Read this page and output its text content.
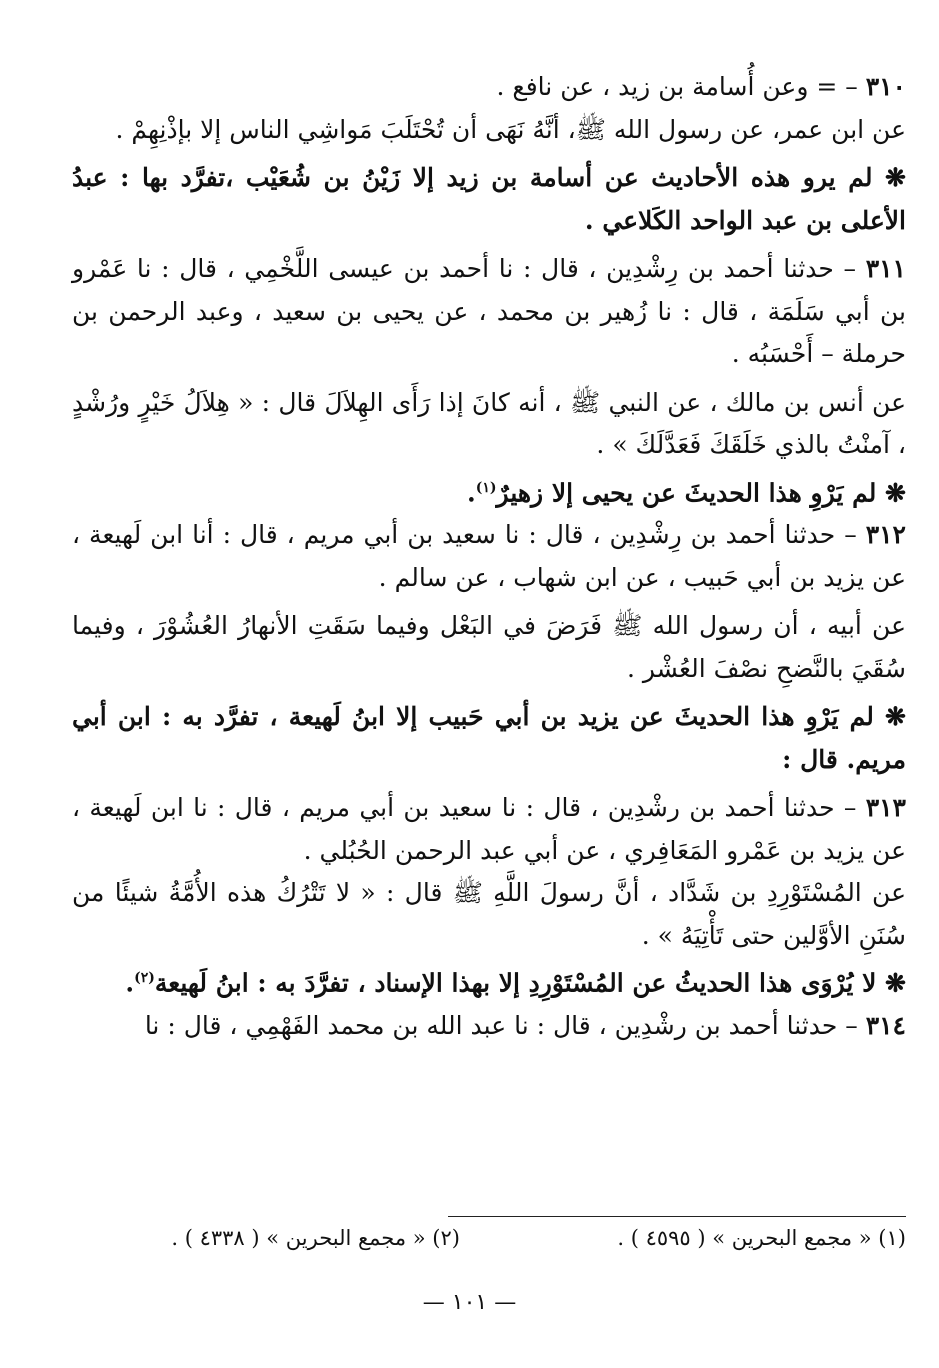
٣١٠ – = وعن أُسامة بن زيد ، عن نافع .

عن ابن عمر، عن رسول الله ﷺ، أنَّهُ نَهَى أن تُحْتَلَبَ مَواشِي الناس إلا بإذْنِهِمْ .

❋ لم يرو هذه الأحاديث عن أسامة بن زيد إلا زَيْنُ بن شُعَيْب ،تفرَّد بها : عبدُ الأعلى بن عبد الواحد الكَلاعي .

٣١١ – حدثنا أحمد بن رِشْدِين ، قال : نا أحمد بن عيسى اللَّخْمِي ، قال : نا عَمْرو بن أبي سَلَمَة ، قال : نا زُهير بن محمد ، عن يحيى بن سعيد ، وعبد الرحمن بن حرملة – أَحْسَبُه .

عن أنس بن مالك ، عن النبي ﷺ ، أنه كانَ إذا رَأَى الهِلاَلَ قال : « هِلاَلُ خَيْرٍ ورُشْدٍ ، آمنْتُ بالذي خَلَقَكَ فَعَدَّلَكَ » .

❋ لم يَرْوِ هذا الحديثَ عن يحيى إلا زهيرٌ$^{(١)}$.

٣١٢ – حدثنا أحمد بن رِشْدِين ، قال : نا سعيد بن أبي مريم ، قال : أنا ابن لَهيعة ، عن يزيد بن أبي حَبيب ، عن ابن شهاب ، عن سالم .

عن أبيه ، أن رسول الله ﷺ فَرَضَ في البَعْل وفيما سَقَتِ الأنهارُ العُشُوْرَ ، وفيما سُقَيَ بالنَّضحِ نصْفَ العُشْر .

❋ لم يَرْوِ هذا الحديثَ عن يزيد بن أبي حَبيب إلا ابنُ لَهيعة ، تفرَّد به : ابن أبي مريم. قال :

٣١٣ – حدثنا أحمد بن رشْدِين ، قال : نا سعيد بن أبي مريم ، قال : نا ابن لَهيعة ، عن يزيد بن عَمْرو المَعَافِري ، عن أبي عبد الرحمن الحُبُلي .

عن المُسْتَوْرِدِ بن شَدَّاد ، أنَّ رسولَ اللَّهِ ﷺ قال : « لا تَتْرُكُ هذه الأُمَّةُ شيئًا من سُنَنِ الأوَّلين حتى تَأْتِيَهُ » .

❋ لا يُرْوَى هذا الحديثُ عن المُسْتَوْرِدِ إلا بهذا الإسناد ، تفرَّدَ به : ابنُ لَهيعة$^{(٢)}$.

٣١٤ – حدثنا أحمد بن رشْدِين ، قال : نا عبد الله بن محمد الفَهْمِي ، قال : نا

(١) « مجمع البحرين » ( ٤٥٩٥ ) .
(٢) « مجمع البحرين » ( ٤٣٣٨ ) .
— ١٠١ —
